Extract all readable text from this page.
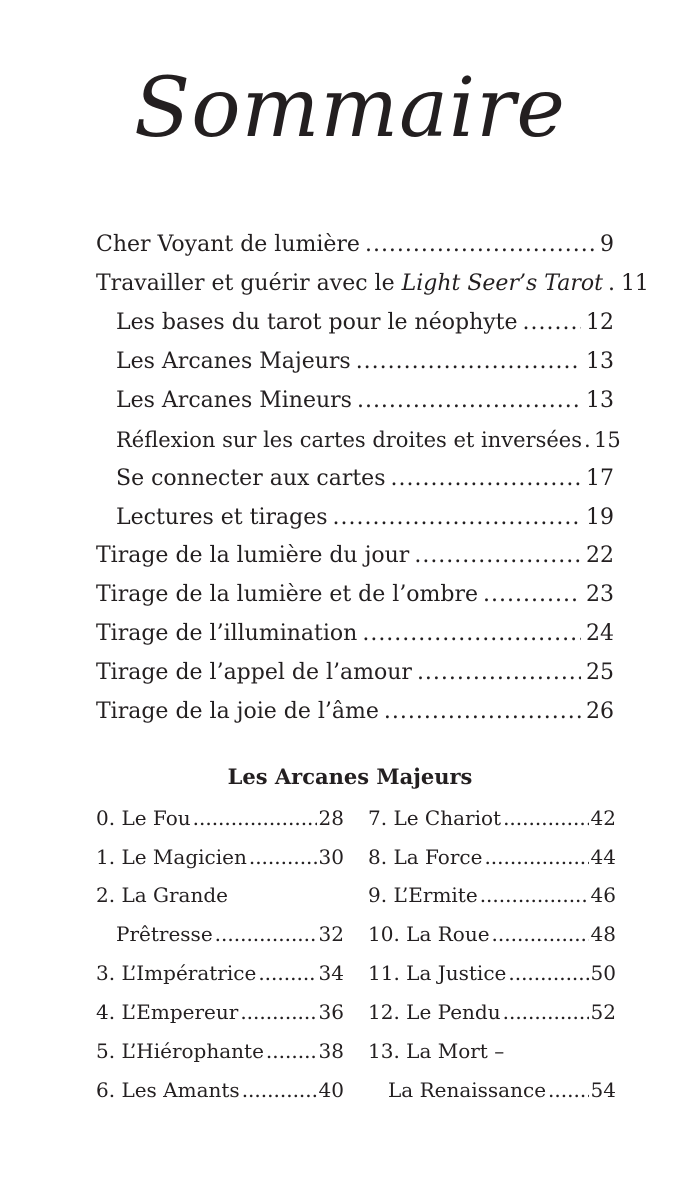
Sommaire
Cher Voyant de lumière .....	9
Travailler et guérir avec le Light Seer’s Tarot ..... 11
Les bases du tarot pour le néophyte .....	12
Les Arcanes Majeurs .....	13
Les Arcanes Mineurs .....	13
Réflexion sur les cartes droites et inversées ..... 15
Se connecter aux cartes .....	17
Lectures et tirages .....	19
Tirage de la lumière du jour .....	22
Tirage de la lumière et de l’ombre .....	23
Tirage de l’illumination .....	24
Tirage de l’appel de l’amour .....	25
Tirage de la joie de l’âme .....	26
Les Arcanes Majeurs
0. Le Fou .....	28
1. Le Magicien .....	30
2. La Grande
Prêtresse .....	32
3. L’Impératrice .....	34
4. L’Empereur .....	36
5. L’Hiérophante .....	38
6. Les Amants .....	40
7. Le Chariot .....	42
8. La Force .....	44
9. L’Ermite .....	46
10. La Roue .....	48
11. La Justice .....	50
12. Le Pendu .....	52
13. La Mort –
La Renaissance ..... 54
